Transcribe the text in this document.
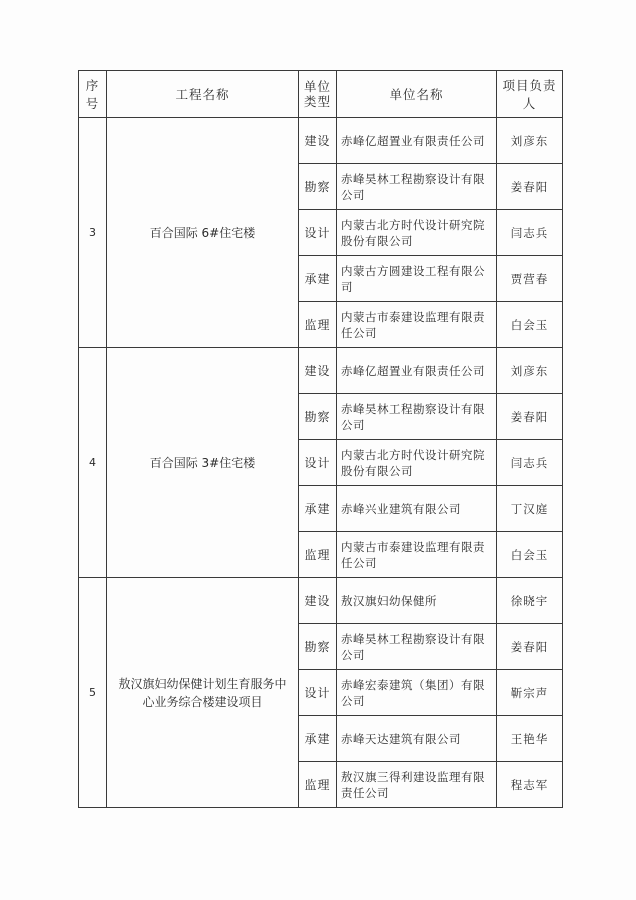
序号	工程名称	单位类型	单位名称	项目负责人
3	百合国际 6#住宅楼	建设	赤峰亿超置业有限责任公司	刘彦东
		勘察	赤峰昊林工程勘察设计有限公司	姜春阳
		设计	内蒙古北方时代设计研究院股份有限公司	闫志兵
		承建	内蒙古方圆建设工程有限公司	贾营春
		监理	内蒙古市泰建设监理有限责任公司	白会玉
4	百合国际 3#住宅楼	建设	赤峰亿超置业有限责任公司	刘彦东
		勘察	赤峰昊林工程勘察设计有限公司	姜春阳
		设计	内蒙古北方时代设计研究院股份有限公司	闫志兵
		承建	赤峰兴业建筑有限公司	丁汉庭
		监理	内蒙古市泰建设监理有限责任公司	白会玉
5	敖汉旗妇幼保健计划生育服务中心业务综合楼建设项目	建设	敖汉旗妇幼保健所	徐晓宇
		勘察	赤峰昊林工程勘察设计有限公司	姜春阳
		设计	赤峰宏泰建筑（集团）有限公司	靳宗声
		承建	赤峰天达建筑有限公司	王艳华
		监理	敖汉旗三得利建设监理有限责任公司	程志军
